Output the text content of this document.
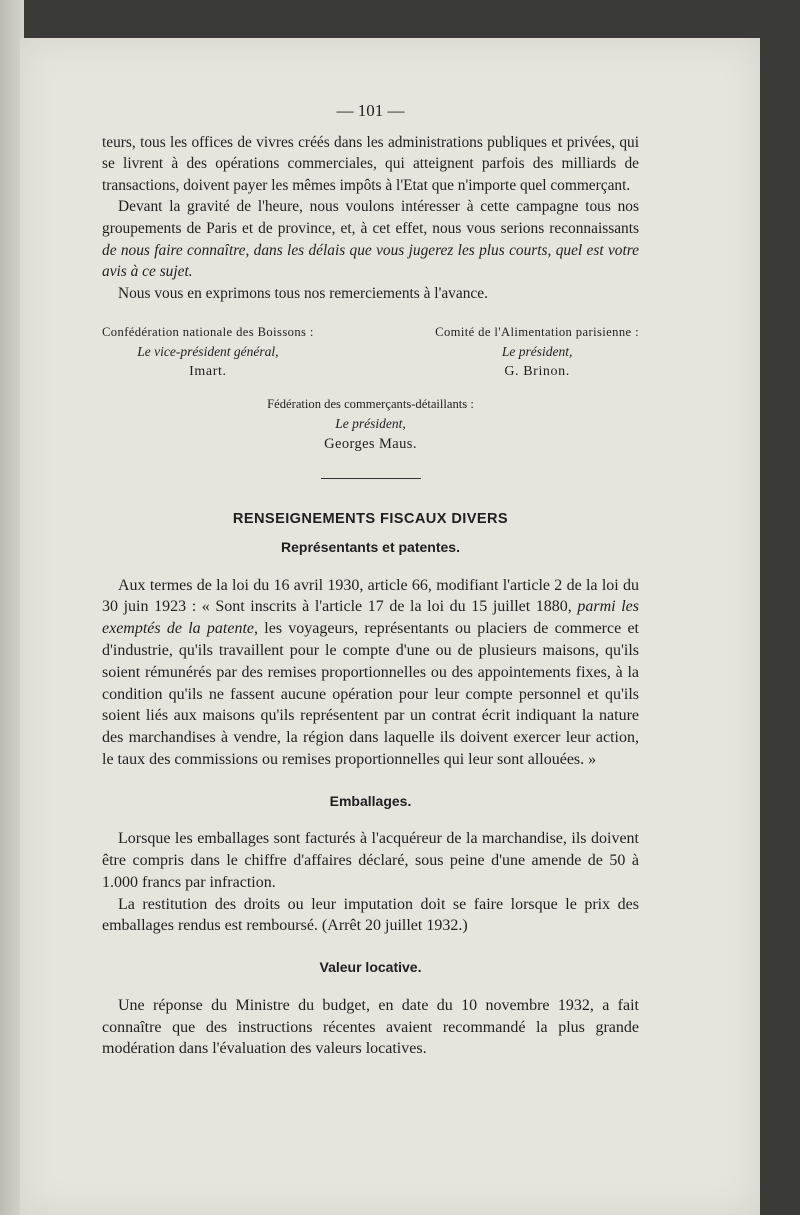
— 101 —

teurs, tous les offices de vivres créés dans les administrations publiques et privées, qui se livrent à des opérations commerciales, qui atteignent parfois des milliards de transactions, doivent payer les mêmes impôts à l'Etat que n'importe quel commerçant.

Devant la gravité de l'heure, nous voulons intéresser à cette campagne tous nos groupements de Paris et de province, et, à cet effet, nous vous serions reconnaissants de nous faire connaître, dans les délais que vous jugerez les plus courts, quel est votre avis à ce sujet.

Nous vous en exprimons tous nos remerciements à l'avance.

Confédération nationale des Boissons :
Le vice-président général,
Imart.
Comité de l'Alimentation parisienne :
Le président,
G. Brinon.
Fédération des commerçants-détaillants :
Le président,
Georges Maus.
RENSEIGNEMENTS FISCAUX DIVERS
Représentants et patentes.

Aux termes de la loi du 16 avril 1930, article 66, modifiant l'article 2 de la loi du 30 juin 1923 : « Sont inscrits à l'article 17 de la loi du 15 juillet 1880, parmi les exemptés de la patente, les voyageurs, représentants ou placiers de commerce et d'industrie, qu'ils travaillent pour le compte d'une ou de plusieurs maisons, qu'ils soient rémunérés par des remises proportionnelles ou des appointements fixes, à la condition qu'ils ne fassent aucune opération pour leur compte personnel et qu'ils soient liés aux maisons qu'ils représentent par un contrat écrit indiquant la nature des marchandises à vendre, la région dans laquelle ils doivent exercer leur action, le taux des commissions ou remises proportionnelles qui leur sont allouées. »

Emballages.

Lorsque les emballages sont facturés à l'acquéreur de la marchandise, ils doivent être compris dans le chiffre d'affaires déclaré, sous peine d'une amende de 50 à 1.000 francs par infraction.

La restitution des droits ou leur imputation doit se faire lorsque le prix des emballages rendus est remboursé. (Arrêt 20 juillet 1932.)

Valeur locative.

Une réponse du Ministre du budget, en date du 10 novembre 1932, a fait connaître que des instructions récentes avaient recommandé la plus grande modération dans l'évaluation des valeurs locatives.
